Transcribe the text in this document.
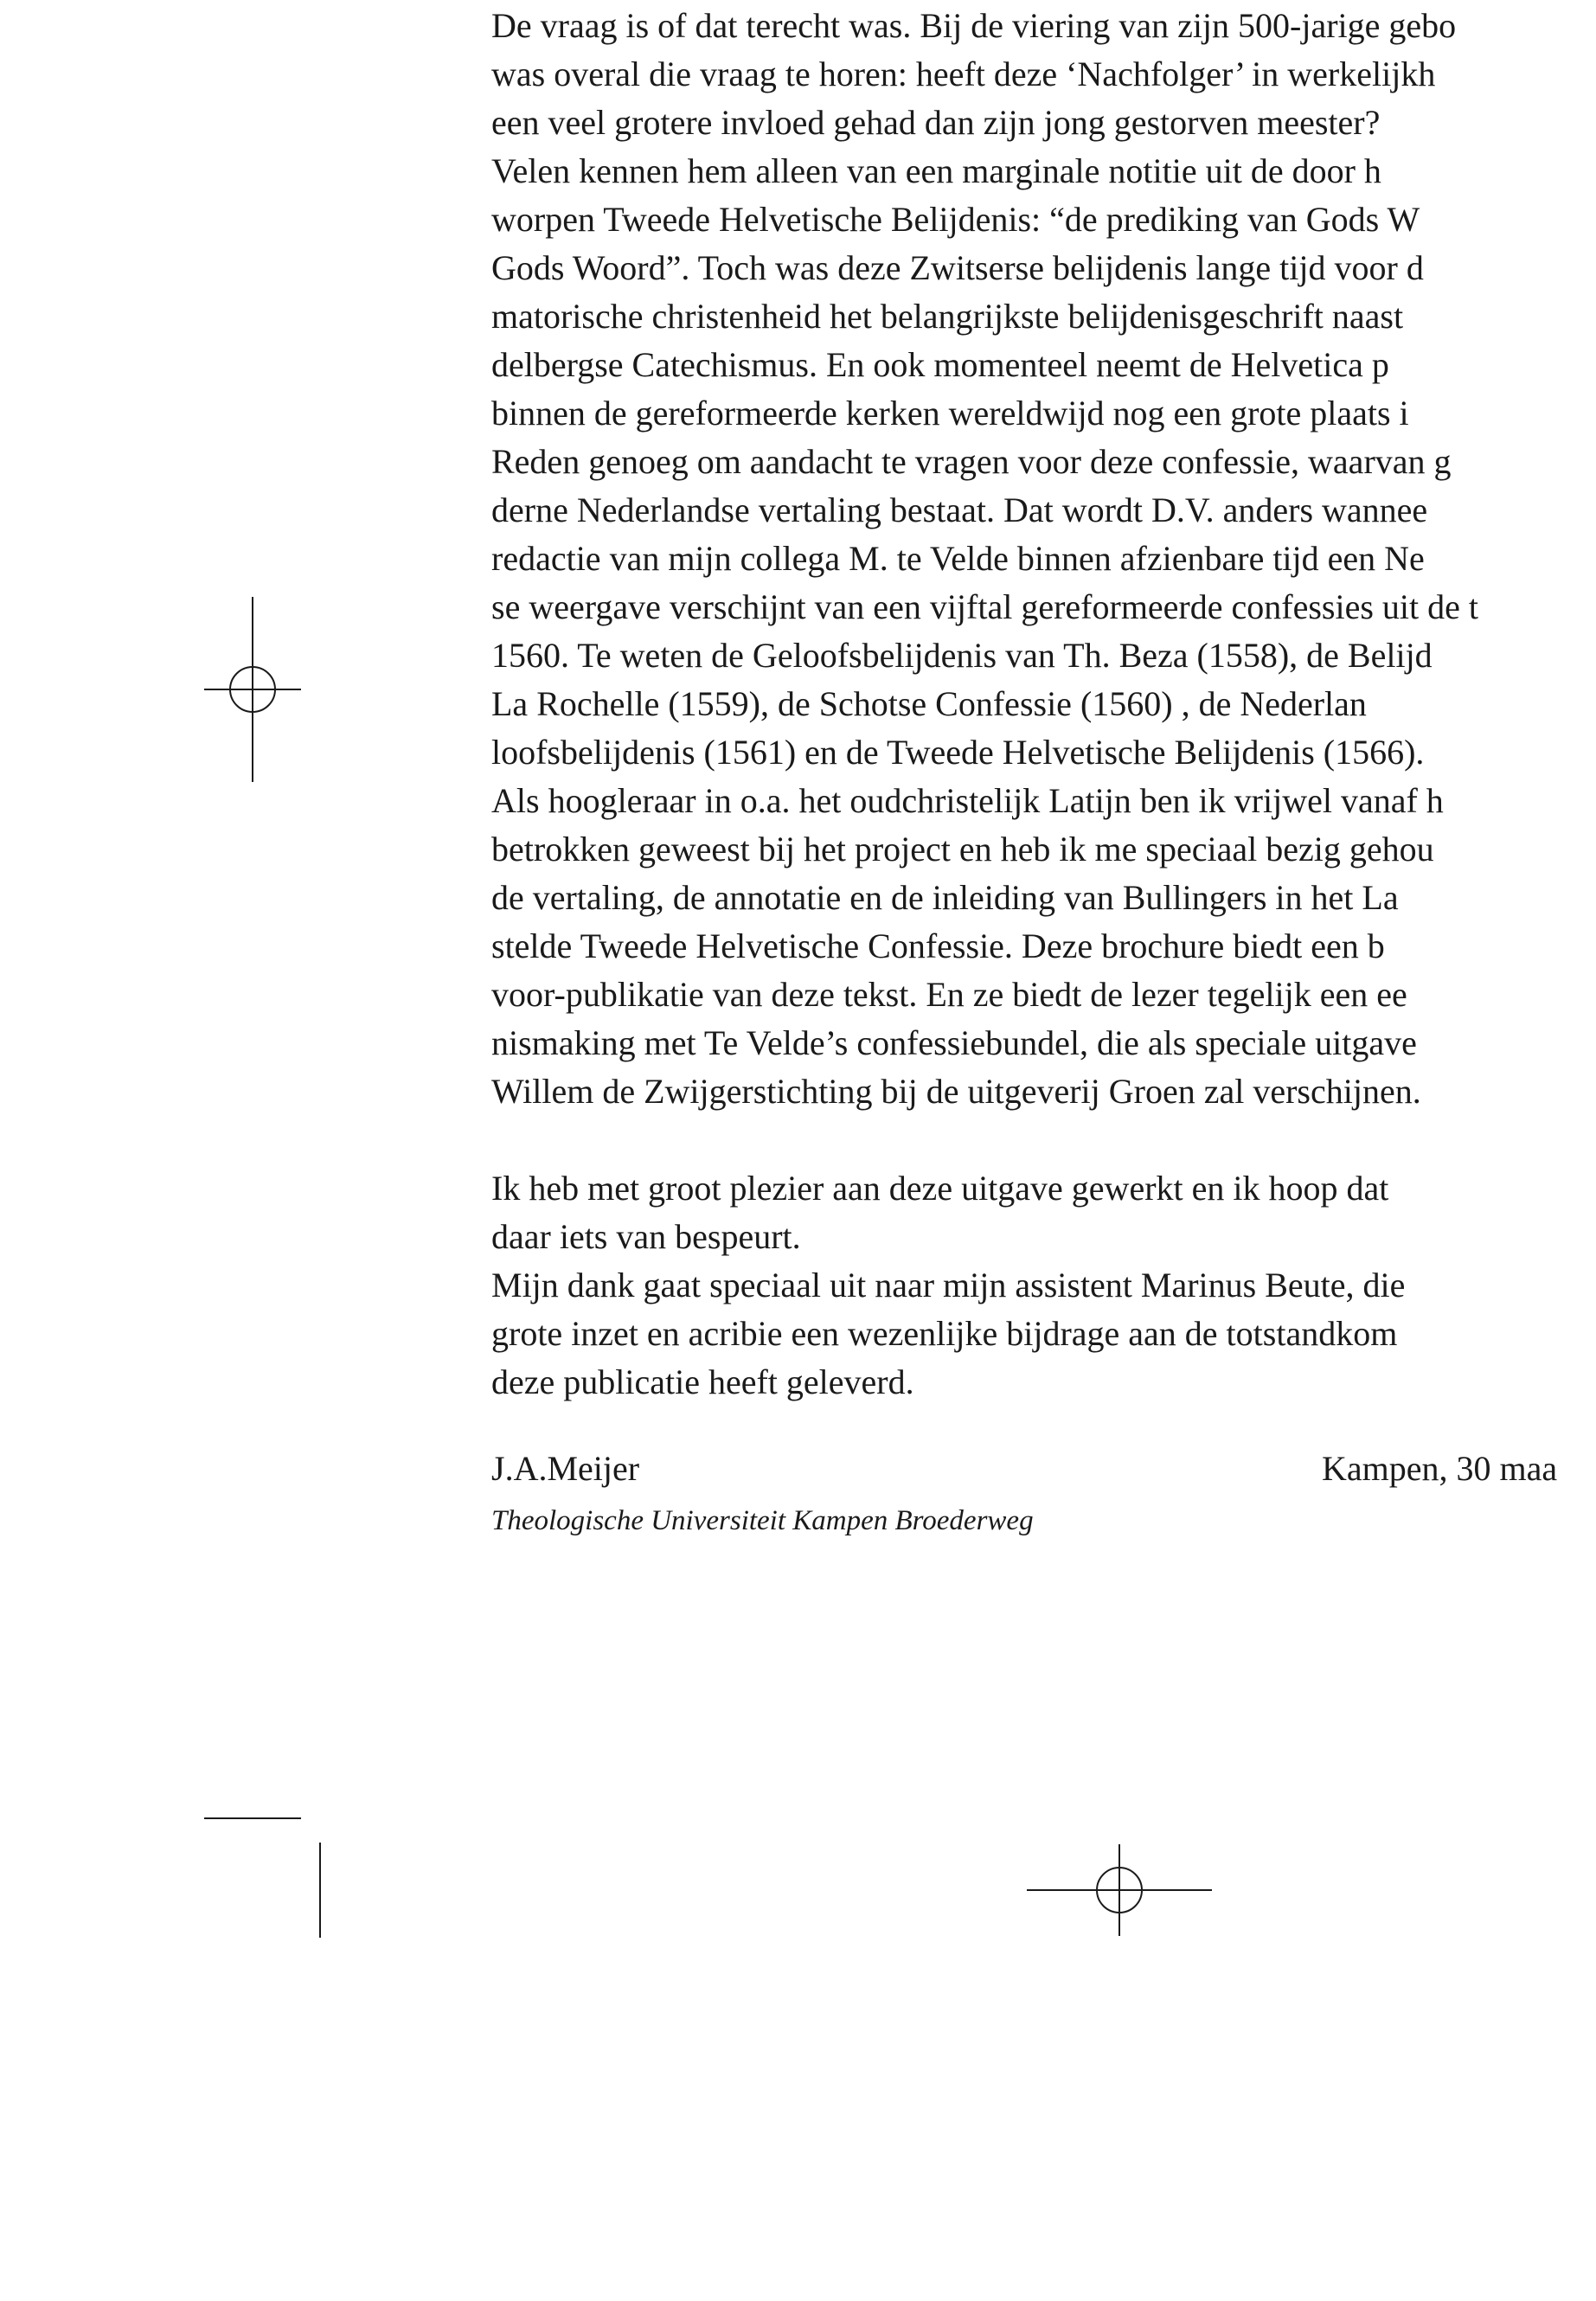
De vraag is of dat terecht was. Bij de viering van zijn 500-jarige gebo
was overal die vraag te horen: heeft deze ‘Nachfolger’ in werkelijkh
een veel grotere invloed gehad dan zijn jong gestorven meester?
Velen kennen hem alleen van een marginale notitie uit de door h
worpen Tweede Helvetische Belijdenis: “de prediking van Gods W
Gods Woord”. Toch was deze Zwitserse belijdenis lange tijd voor d
matorische christenheid het belangrijkste belijdenisgeschrift naast
delbergse Catechismus. En ook momenteel neemt de Helvetica p
binnen de gereformeerde kerken wereldwijd nog een grote plaats i
Reden genoeg om aandacht te vragen voor deze confessie, waarvan g
derne Nederlandse vertaling bestaat. Dat wordt D.V. anders wannee
redactie van mijn collega M. te Velde binnen afzienbare tijd een Ne
se weergave verschijnt van een vijftal gereformeerde confessies uit de t
1560. Te weten de Geloofsbelijdenis van Th. Beza (1558), de Belijd
La Rochelle (1559), de Schotse Confessie (1560) , de Nederlan
loofsbelijdenis (1561) en de Tweede Helvetische Belijdenis (1566).
Als hoogleraar in o.a. het oudchristelijk Latijn ben ik vrijwel vanaf h
betrokken geweest bij het project en heb ik me speciaal bezig gehou
de vertaling, de annotatie en de inleiding van Bullingers in het La
stelde Tweede Helvetische Confessie. Deze brochure biedt een b
voor-publikatie van deze tekst. En ze biedt de lezer tegelijk een ee
nismaking met Te Velde’s confessiebundel, die als speciale uitgave
Willem de Zwijgerstichting bij de uitgeverij Groen zal verschijnen.
Ik heb met groot plezier aan deze uitgave gewerkt en ik hoop dat
daar iets van bespeurt.
Mijn dank gaat speciaal uit naar mijn assistent Marinus Beute, die
grote inzet en acribie een wezenlijke bijdrage aan de totstandkom
deze publicatie heeft geleverd.
J.A.Meijer	Kampen, 30 maa
Theologische Universiteit Kampen Broederweg
